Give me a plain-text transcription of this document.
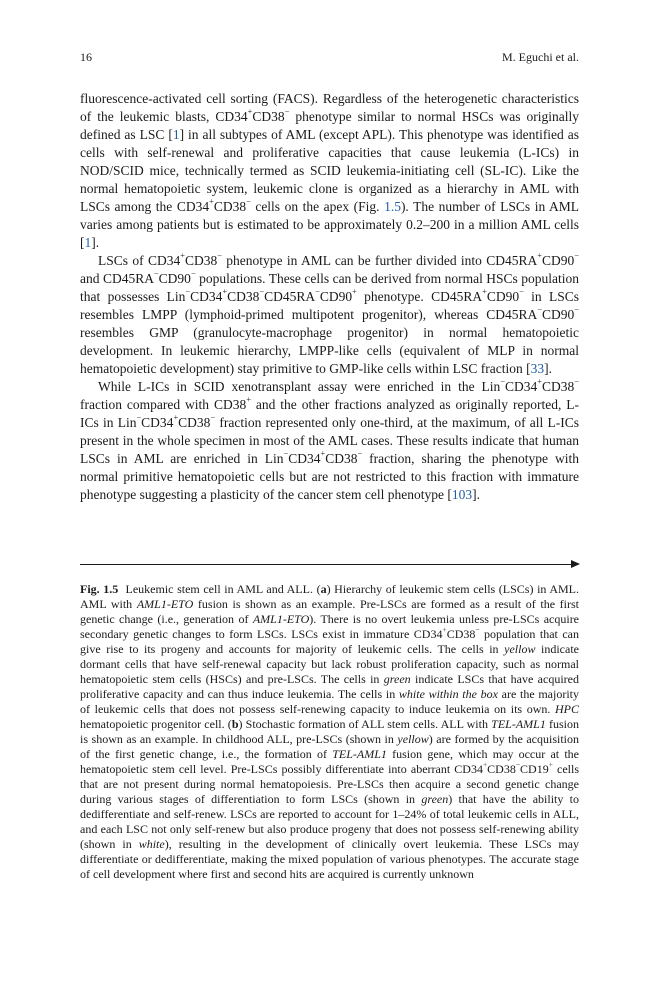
16	M. Eguchi et al.

fluorescence-activated cell sorting (FACS). Regardless of the heterogenetic characteristics of the leukemic blasts, CD34+CD38− phenotype similar to normal HSCs was originally defined as LSC [1] in all subtypes of AML (except APL). This phenotype was identified as cells with self-renewal and proliferative capacities that cause leukemia (L-ICs) in NOD/SCID mice, technically termed as SCID leukemia-initiating cell (SL-IC). Like the normal hematopoietic system, leukemic clone is organized as a hierarchy in AML with LSCs among the CD34+CD38− cells on the apex (Fig. 1.5). The number of LSCs in AML varies among patients but is estimated to be approximately 0.2–200 in a million AML cells [1].

LSCs of CD34+CD38− phenotype in AML can be further divided into CD45RA+CD90− and CD45RA−CD90− populations. These cells can be derived from normal HSCs population that possesses Lin−CD34+CD38−CD45RA−CD90+ phenotype. CD45RA+CD90− in LSCs resembles LMPP (lymphoid-primed multipotent progenitor), whereas CD45RA−CD90− resembles GMP (granulocyte-macrophage progenitor) in normal hematopoietic development. In leukemic hierarchy, LMPP-like cells (equivalent of MLP in normal hematopoietic development) stay primitive to GMP-like cells within LSC fraction [33].

While L-ICs in SCID xenotransplant assay were enriched in the Lin−CD34+CD38− fraction compared with CD38+ and the other fractions analyzed as originally reported, L-ICs in Lin−CD34+CD38− fraction represented only one-third, at the maximum, of all L-ICs present in the whole specimen in most of the AML cases. These results indicate that human LSCs in AML are enriched in Lin−CD34+CD38− fraction, sharing the phenotype with normal primitive hematopoietic cells but are not restricted to this fraction with immature phenotype suggesting a plasticity of the cancer stem cell phenotype [103].

Fig. 1.5 Leukemic stem cell in AML and ALL. (a) Hierarchy of leukemic stem cells (LSCs) in AML. AML with AML1-ETO fusion is shown as an example. Pre-LSCs are formed as a result of the first genetic change (i.e., generation of AML1-ETO). There is no overt leukemia unless pre-LSCs acquire secondary genetic changes to form LSCs. LSCs exist in immature CD34+CD38− population that can give rise to its progeny and accounts for majority of leukemic cells. The cells in yellow indicate dormant cells that have self-renewal capacity but lack robust proliferation capacity, such as normal hematopoietic stem cells (HSCs) and pre-LSCs. The cells in green indicate LSCs that have acquired proliferative capacity and can thus induce leukemia. The cells in white within the box are the majority of leukemic cells that does not possess self-renewing capacity to induce leukemia on its own. HPC hematopoietic progenitor cell. (b) Stochastic formation of ALL stem cells. ALL with TEL-AML1 fusion is shown as an example. In childhood ALL, pre-LSCs (shown in yellow) are formed by the acquisition of the first genetic change, i.e., the formation of TEL-AML1 fusion gene, which may occur at the hematopoietic stem cell level. Pre-LSCs possibly differentiate into aberrant CD34+CD38−CD19+ cells that are not present during normal hematopoiesis. Pre-LSCs then acquire a second genetic change during various stages of differentiation to form LSCs (shown in green) that have the ability to dedifferentiate and self-renew. LSCs are reported to account for 1–24% of total leukemic cells in ALL, and each LSC not only self-renew but also produce progeny that does not possess self-renewing ability (shown in white), resulting in the development of clinically overt leukemia. These LSCs may differentiate or dedifferentiate, making the mixed population of various phenotypes. The accurate stage of cell development where first and second hits are acquired is currently unknown
